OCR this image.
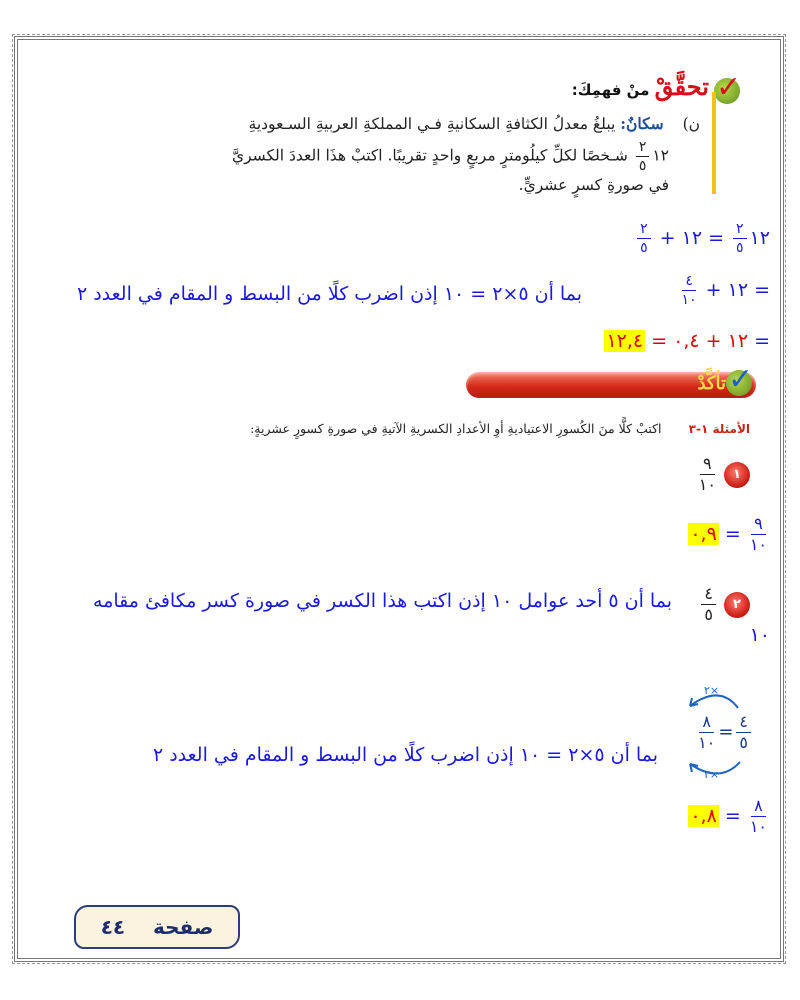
✓ تحقَّقْ منْ فهمِكَ:
ن) سكانٌ: يبلغُ معدلُ الكثافةِ السكانيةِ فـي المملكةِ العربيةِ السـعوديةِ
١٢
$\frac{٢}{٥}$
شـخصًا لكلِّ كيلُومترٍ مربعٍ واحدٍ تقريبًا. اكتبْ هذَا العددَ الكسريَّ
في صورةِ كسرٍ عشريٍّ.
١٢
$\frac{٢}{٥}$
= ١٢ +
$\frac{٢}{٥}$
= ١٢ +
$\frac{٤}{١٠}$
بما أن ٥×٢ = ١٠ إذن اضرب كلًا من البسط و المقام في العدد ٢
= ١٢ + ٠,٤ = ١٢,٤
تأكَّدْ
✓
الأمثلة ١-٣ اكتبْ كلًّا منَ الكُسورِ الاعتياديةِ أوِ الأعدادِ الكسريةِ الآتيةِ في صورةِ كسورٍ عشريةٍ:
١
$\frac{٩}{١٠}$
$\frac{٩}{١٠}$
= ٠,٩
٢
$\frac{٤}{٥}$
بما أن ٥ أحد عوامل ١٠ إذن اكتب هذا الكسر في صورة كسر مكافئ مقامه
١٠
×٢
×٢
$\frac{٤}{٥}$
=
$\frac{٨}{١٠}$
بما أن ٥×٢ = ١٠ إذن اضرب كلًا من البسط و المقام في العدد ٢
$\frac{٨}{١٠}$
= ٠,٨
صفحة    ٤٤
